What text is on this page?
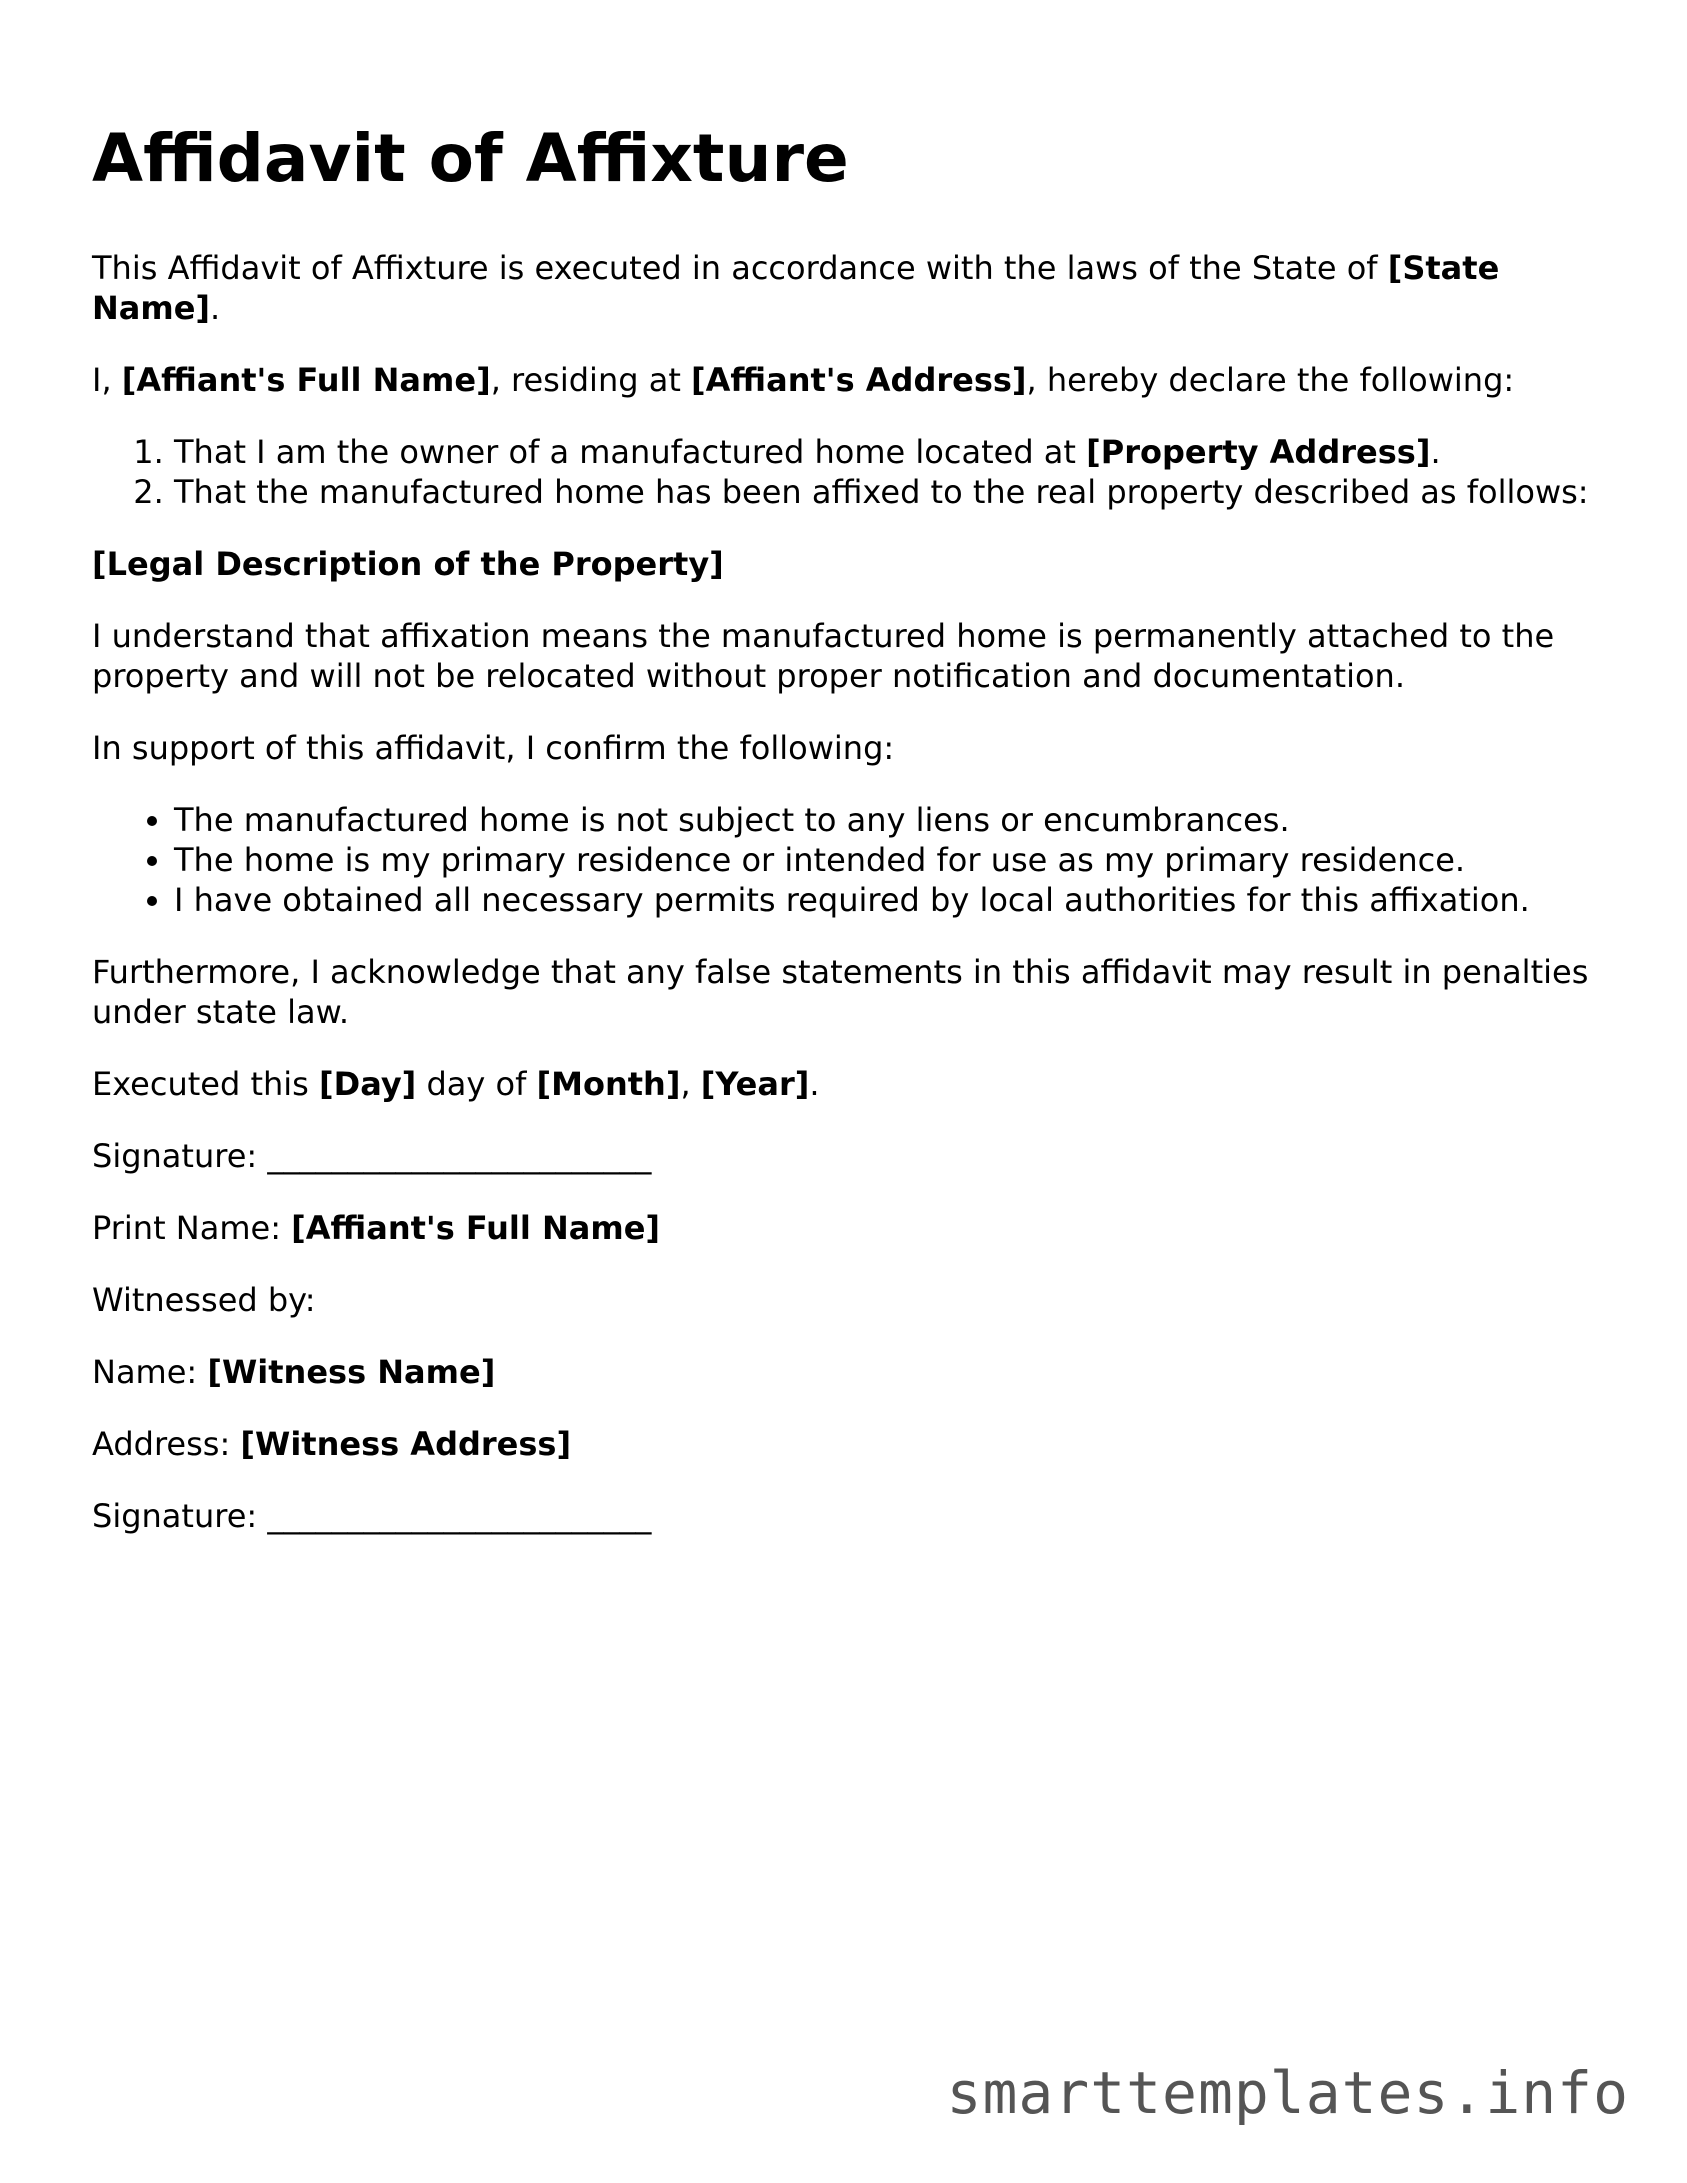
Affidavit of Affixture

This Affidavit of Affixture is executed in accordance with the laws of the State of [State Name].

I, [Affiant's Full Name], residing at [Affiant's Address], hereby declare the following:

1. That I am the owner of a manufactured home located at [Property Address].
2. That the manufactured home has been affixed to the real property described as follows:

[Legal Description of the Property]

I understand that affixation means the manufactured home is permanently attached to the property and will not be relocated without proper notification and documentation.

In support of this affidavit, I confirm the following:

• The manufactured home is not subject to any liens or encumbrances.
• The home is my primary residence or intended for use as my primary residence.
• I have obtained all necessary permits required by local authorities for this affixation.

Furthermore, I acknowledge that any false statements in this affidavit may result in penalties under state law.

Executed this [Day] day of [Month], [Year].

Signature: ________________________

Print Name: [Affiant's Full Name]

Witnessed by:

Name: [Witness Name]

Address: [Witness Address]

Signature: ________________________

smarttemplates.info
